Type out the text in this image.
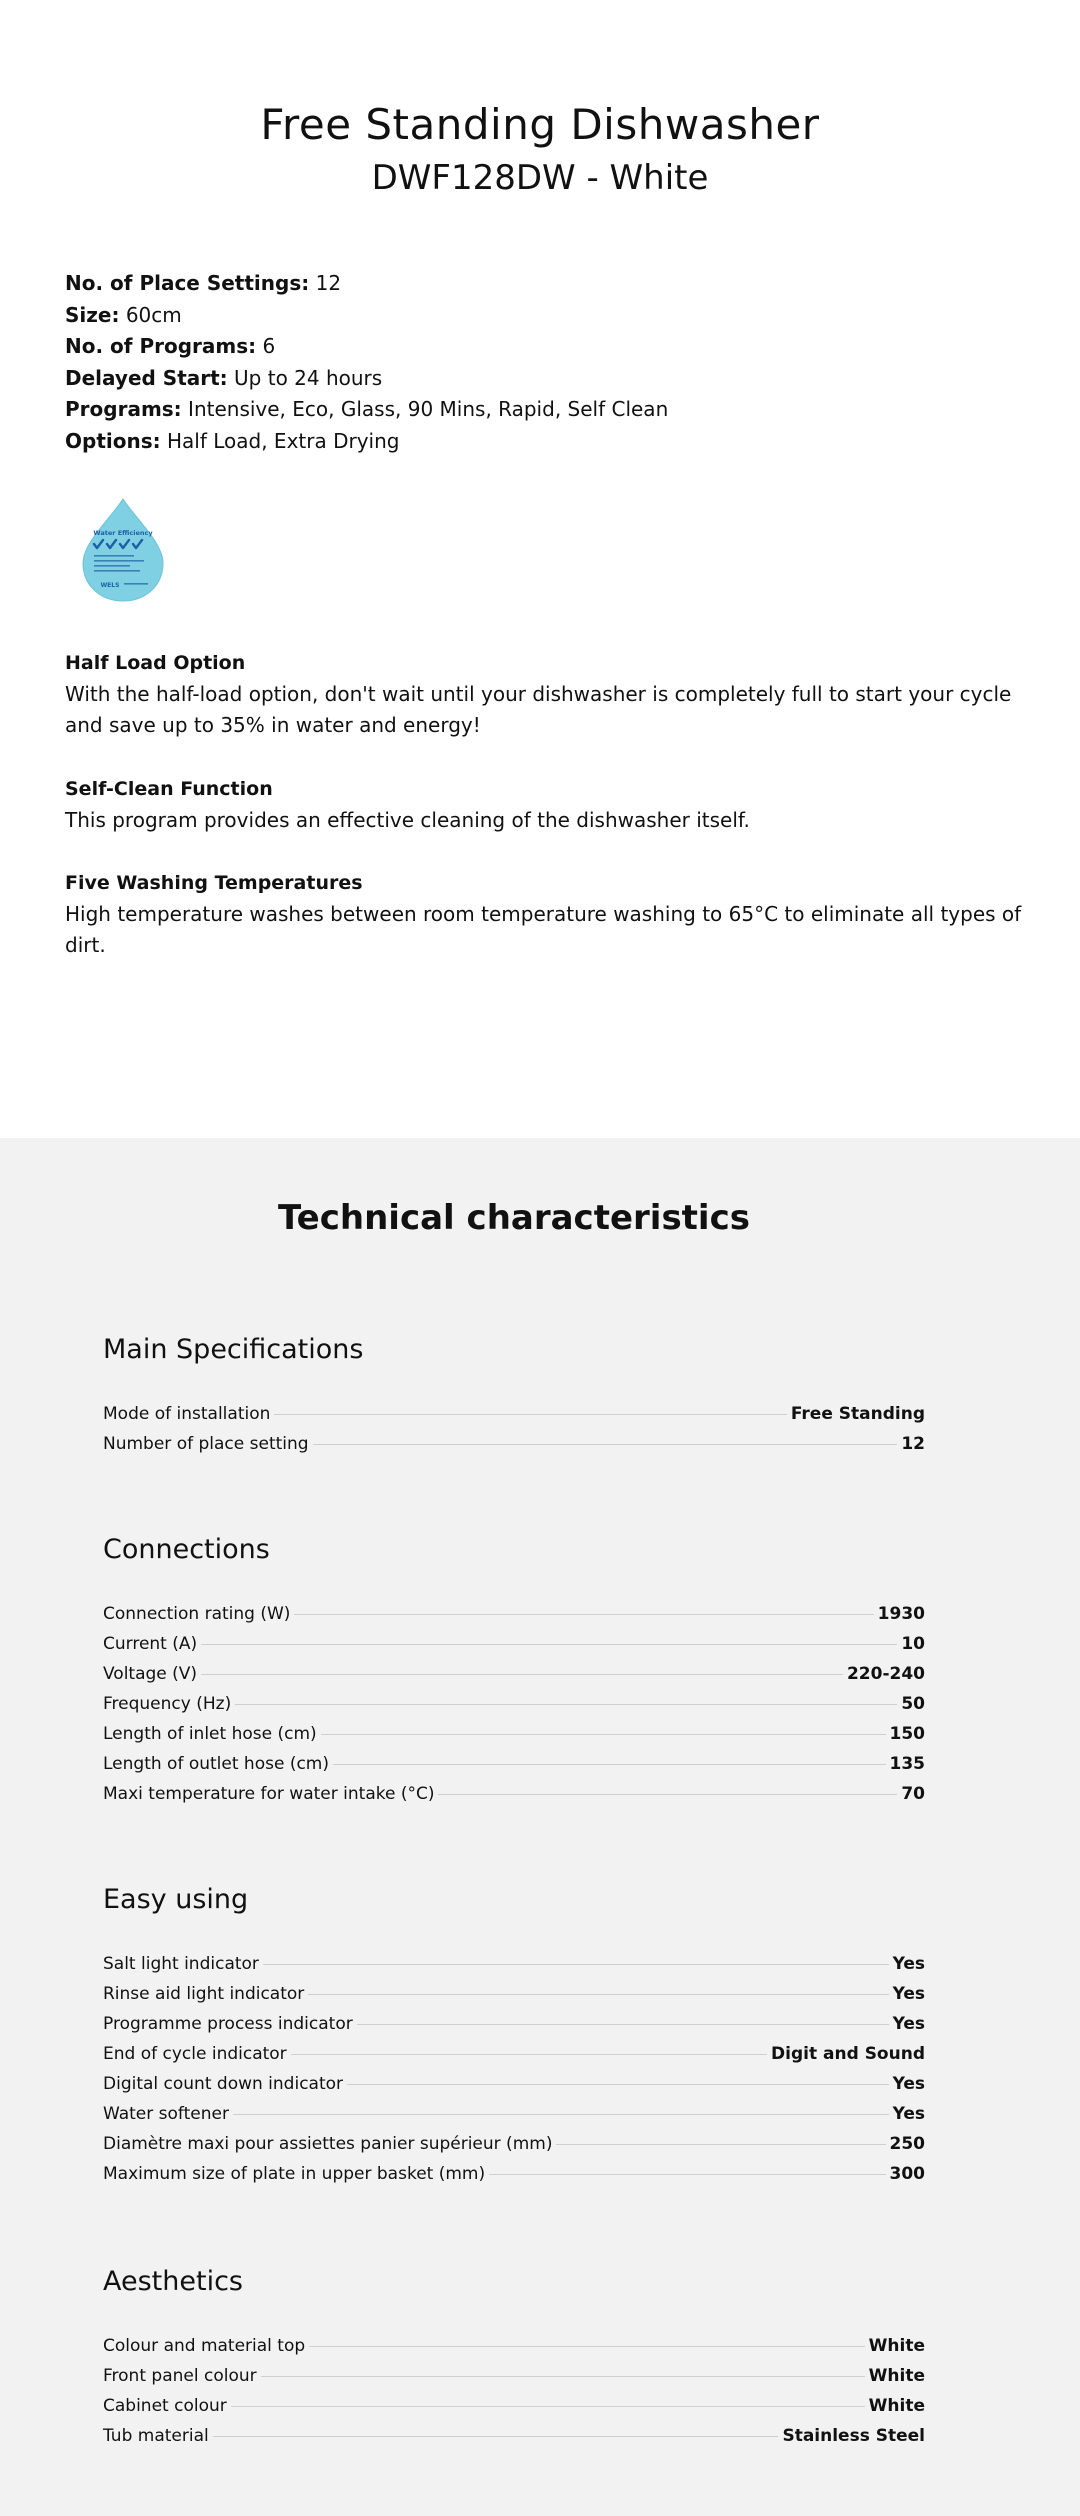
Free Standing Dishwasher
DWF128DW - White
No. of Place Settings: 12
Size: 60cm
No. of Programs: 6
Delayed Start: Up to 24 hours
Programs: Intensive, Eco, Glass, 90 Mins, Rapid, Self Clean
Options: Half Load, Extra Drying
Water Efficiency
WELS
Half Load Option
With the half-load option, don't wait until your dishwasher is completely full to start your cycle and save up to 35% in water and energy!
Self-Clean Function
This program provides an effective cleaning of the dishwasher itself.
Five Washing Temperatures
High temperature washes between room temperature washing to 65°C to eliminate all types of dirt.
Technical characteristics
Main Specifications
Mode of installation	Free Standing
Number of place setting	12
Connections
Connection rating (W)	1930
Current (A)	10
Voltage (V)	220-240
Frequency (Hz)	50
Length of inlet hose (cm)	150
Length of outlet hose (cm)	135
Maxi temperature for water intake (°C)	70
Easy using
Salt light indicator	Yes
Rinse aid light indicator	Yes
Programme process indicator	Yes
End of cycle indicator	Digit and Sound
Digital count down indicator	Yes
Water softener	Yes
Diamètre maxi pour assiettes panier supérieur (mm)	250
Maximum size of plate in upper basket (mm)	300
Aesthetics
Colour and material top	White
Front panel colour	White
Cabinet colour	White
Tub material	Stainless Steel
